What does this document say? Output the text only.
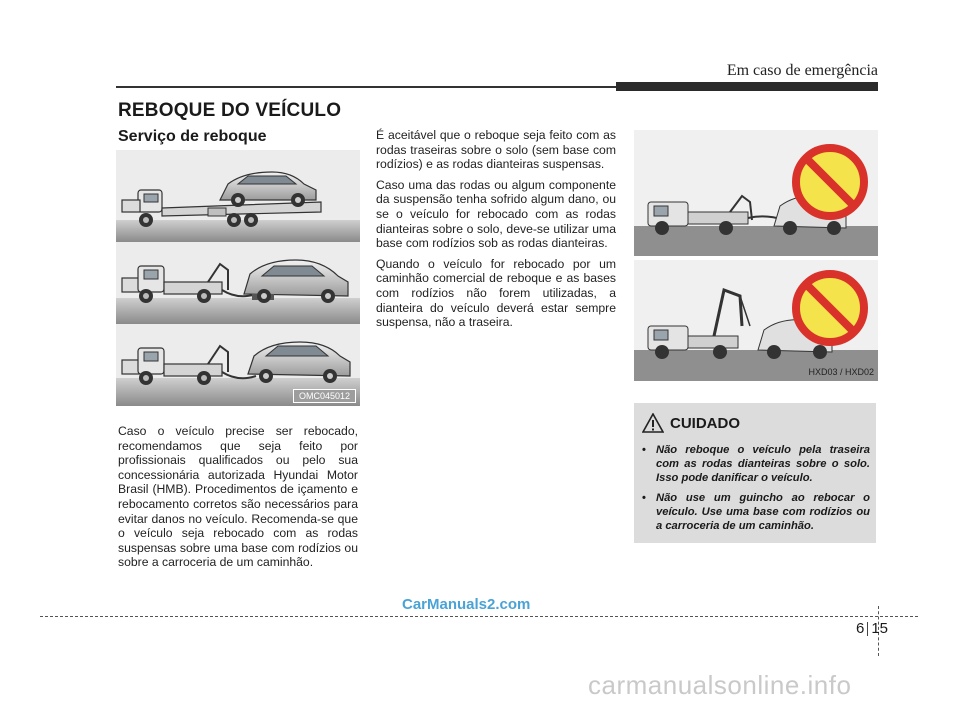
Em caso de emergência
REBOQUE DO VEÍCULO
Serviço de reboque
OMC045012
HXD03 / HXD02

Caso o veículo precise ser rebocado, recomendamos que seja feito por profissionais qualificados ou pelo sua concessionária autorizada Hyundai Motor Brasil (HMB). Procedimentos de içamento e rebocamento corretos são necessários para evitar danos no veículo. Recomenda-se que o veículo seja rebocado com as rodas suspensas sobre uma base com rodízios ou sobre a carroceria de um caminhão.

É aceitável que o reboque seja feito com as rodas traseiras sobre o solo (sem base com rodízios) e as rodas dianteiras suspensas.

Caso uma das rodas ou algum componente da suspensão tenha sofrido algum dano, ou se o veículo for rebocado com as rodas dianteiras sobre o solo, deve-se utilizar uma base com rodízios sob as rodas dianteiras.

Quando o veículo for rebocado por um caminhão comercial de reboque e as bases com rodízios não forem utilizadas, a dianteira do veículo deverá estar sempre suspensa, não a traseira.

CUIDADO
• Não reboque o veículo pela traseira com as rodas dianteiras sobre o solo. Isso pode danificar o veículo.
• Não use um guincho ao rebocar o veículo. Use uma base com rodízios ou a carroceria de um caminhão.
CarManuals2.com
6 15
carmanualsonline.info
